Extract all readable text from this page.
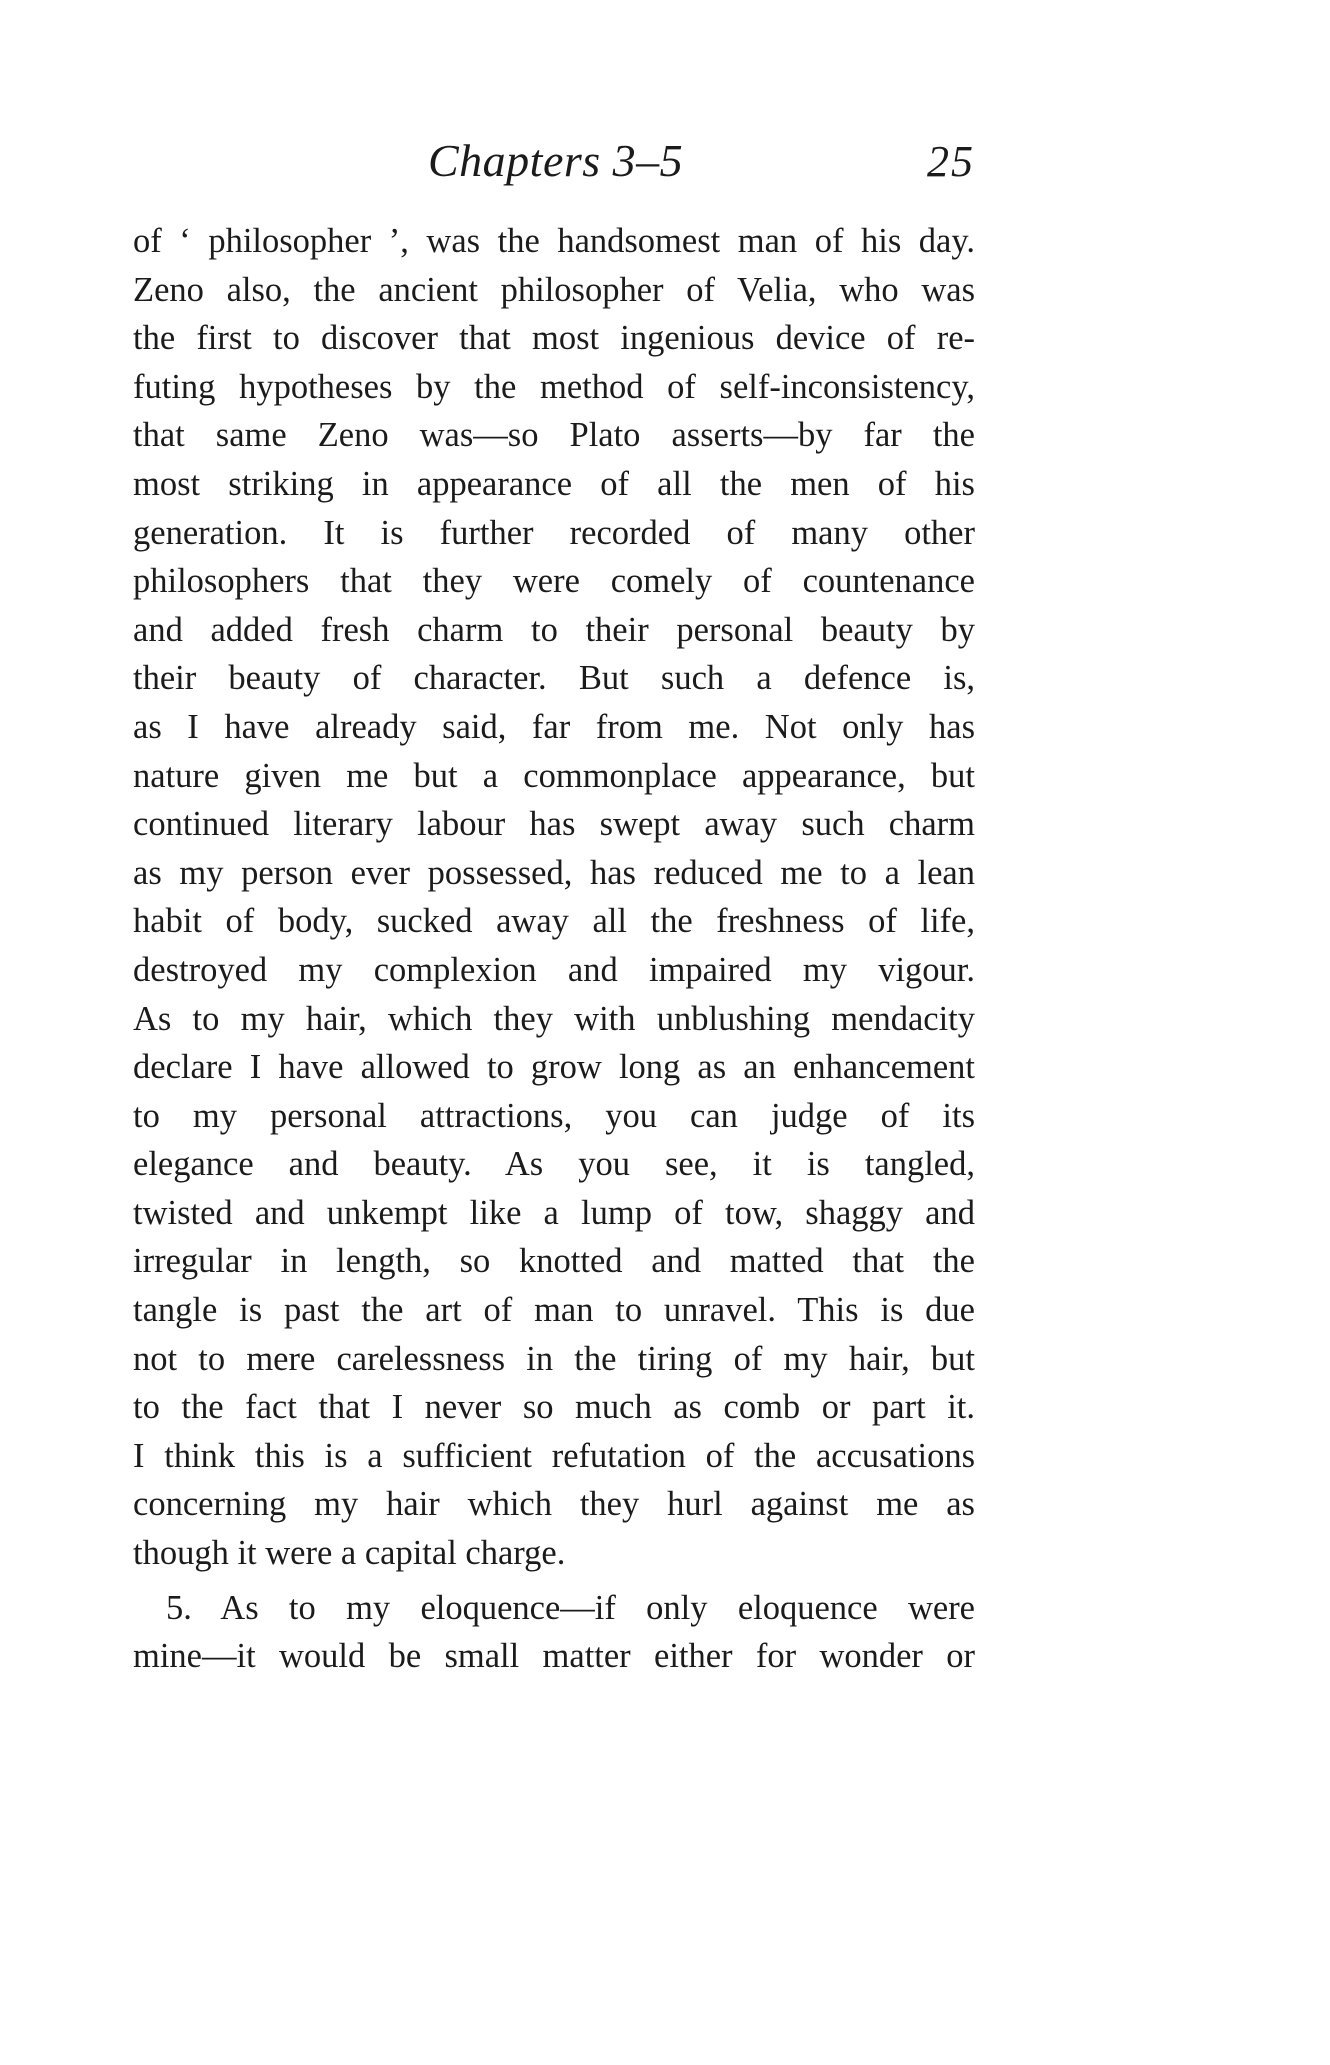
Chapters 3–5	25
of ‘ philosopher ’, was the handsomest man of his day.
Zeno also, the ancient philosopher of Velia, who was
the first to discover that most ingenious device of re-
futing hypotheses by the method of self-inconsistency,
that same Zeno was—so Plato asserts—by far the
most striking in appearance of all the men of his
generation. It is further recorded of many other
philosophers that they were comely of countenance
and added fresh charm to their personal beauty by
their beauty of character. But such a defence is,
as I have already said, far from me. Not only has
nature given me but a commonplace appearance, but
continued literary labour has swept away such charm
as my person ever possessed, has reduced me to a lean
habit of body, sucked away all the freshness of life,
destroyed my complexion and impaired my vigour.
As to my hair, which they with unblushing mendacity
declare I have allowed to grow long as an enhancement
to my personal attractions, you can judge of its
elegance and beauty. As you see, it is tangled,
twisted and unkempt like a lump of tow, shaggy and
irregular in length, so knotted and matted that the
tangle is past the art of man to unravel. This is due
not to mere carelessness in the tiring of my hair, but
to the fact that I never so much as comb or part it.
I think this is a sufficient refutation of the accusations
concerning my hair which they hurl against me as
though it were a capital charge.
5. As to my eloquence—if only eloquence were
mine—it would be small matter either for wonder or
